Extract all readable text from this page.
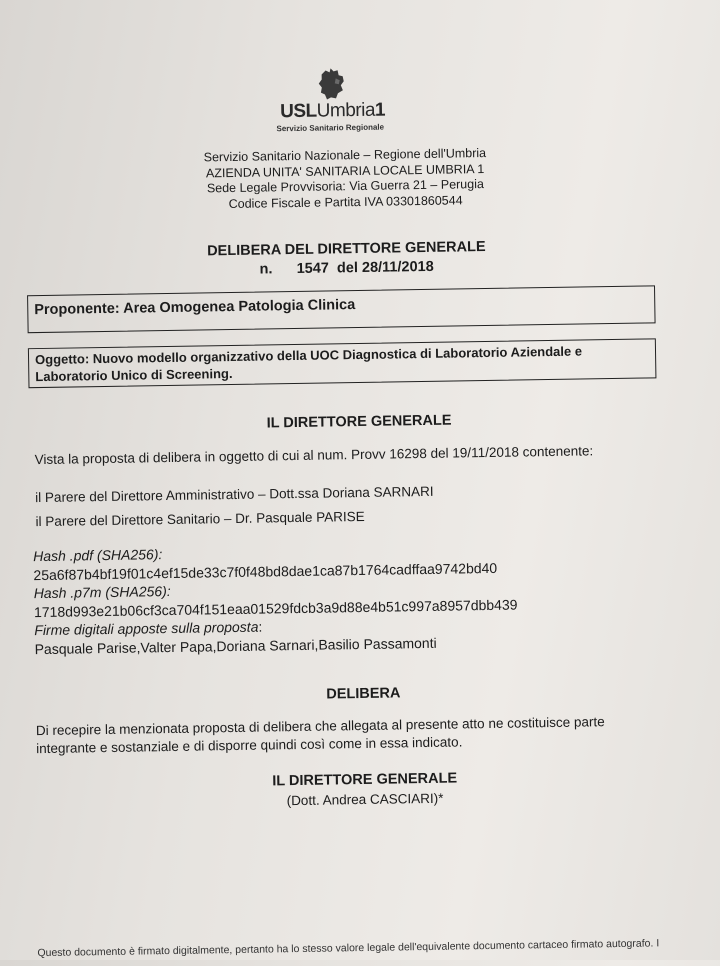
USLUmbria1
Servizio Sanitario Regionale
Servizio Sanitario Nazionale – Regione dell'Umbria
AZIENDA UNITA' SANITARIA LOCALE UMBRIA 1
Sede Legale Provvisoria: Via Guerra 21 – Perugia
Codice Fiscale e Partita IVA 03301860544
DELIBERA DEL DIRETTORE GENERALE
n.      1547  del 28/11/2018
Proponente: Area Omogenea Patologia Clinica
Oggetto: Nuovo modello organizzativo della UOC Diagnostica di Laboratorio Aziendale e
Laboratorio Unico di Screening.
IL DIRETTORE GENERALE
Vista la proposta di delibera in oggetto di cui al num. Provv 16298 del 19/11/2018 contenente:
il Parere del Direttore Amministrativo – Dott.ssa Doriana SARNARI
il Parere del Direttore Sanitario – Dr. Pasquale PARISE
Hash .pdf (SHA256):
25a6f87b4bf19f01c4ef15de33c7f0f48bd8dae1ca87b1764cadffaa9742bd40
Hash .p7m (SHA256):
1718d993e21b06cf3ca704f151eaa01529fdcb3a9d88e4b51c997a8957dbb439
Firme digitali apposte sulla proposta:
Pasquale Parise,Valter Papa,Doriana Sarnari,Basilio Passamonti
DELIBERA
Di recepire la menzionata proposta di delibera che allegata al presente atto ne costituisce parte
integrante e sostanziale e di disporre quindi così come in essa indicato.
IL DIRETTORE GENERALE
(Dott. Andrea CASCIARI)*
Questo documento è firmato digitalmente, pertanto ha lo stesso valore legale dell'equivalente documento cartaceo firmato autografo. I
